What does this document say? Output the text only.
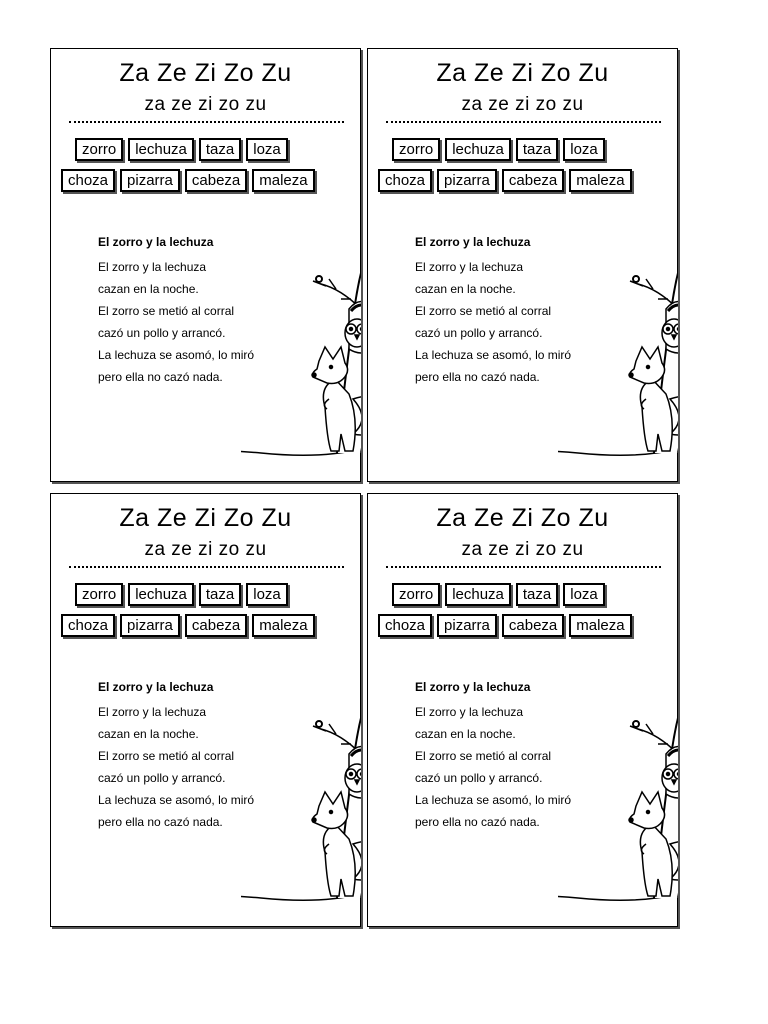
Za Ze Zi Zo Zu
za ze zi zo zu
zorro	lechuza	taza	loza
choza	pizarra	cabeza	maleza
El zorro y la lechuza
El zorro y la lechuza
cazan en la noche.
El zorro se metió al corral
cazó un pollo y arrancó.
La lechuza se asomó, lo miró
pero ella no cazó nada.
Za Ze Zi Zo Zu
za ze zi zo zu
zorro	lechuza	taza	loza
choza	pizarra	cabeza	maleza
El zorro y la lechuza
El zorro y la lechuza
cazan en la noche.
El zorro se metió al corral
cazó un pollo y arrancó.
La lechuza se asomó, lo miró
pero ella no cazó nada.
Za Ze Zi Zo Zu
za ze zi zo zu
zorro	lechuza	taza	loza
choza	pizarra	cabeza	maleza
El zorro y la lechuza
El zorro y la lechuza
cazan en la noche.
El zorro se metió al corral
cazó un pollo y arrancó.
La lechuza se asomó, lo miró
pero ella no cazó nada.
Za Ze Zi Zo Zu
za ze zi zo zu
zorro	lechuza	taza	loza
choza	pizarra	cabeza	maleza
El zorro y la lechuza
El zorro y la lechuza
cazan en la noche.
El zorro se metió al corral
cazó un pollo y arrancó.
La lechuza se asomó, lo miró
pero ella no cazó nada.
